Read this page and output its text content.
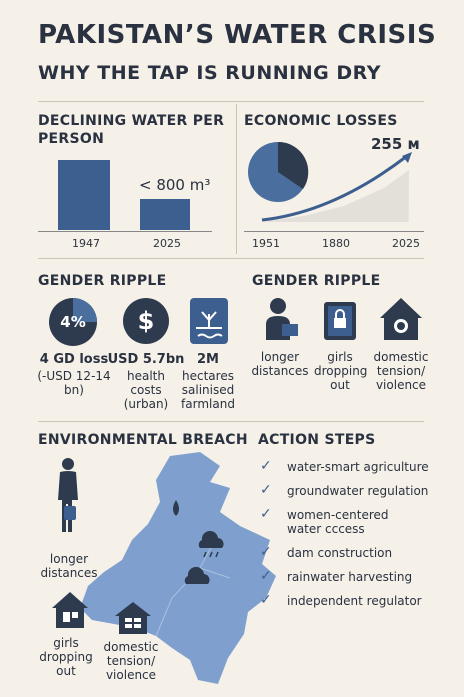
PAKISTAN’S WATER CRISIS
WHY THE TAP IS RUNNING DRY
DECLINING WATER PER PERSON
< 800 m³
1947	2025
ECONOMIC LOSSES
255 м
1951	1880	2025
GENDER RIPPLE
4% $
4 GD loss
(-USD 12-14 bn)
USD 5.7bn
health costs (urban)
2M
hectares salinised farmland
GENDER RIPPLE
longer distances
girls dropping out
domestic tension/ violence
ENVIRONMENTAL BREACH
longer distances
girls dropping out
domestic tension/ violence
ACTION STEPS
✓ water-smart agriculture
✓ groundwater regulation
✓ women-centered water cccess
✓ dam construction
✓ rainwater harvesting
✓ independent regulator
